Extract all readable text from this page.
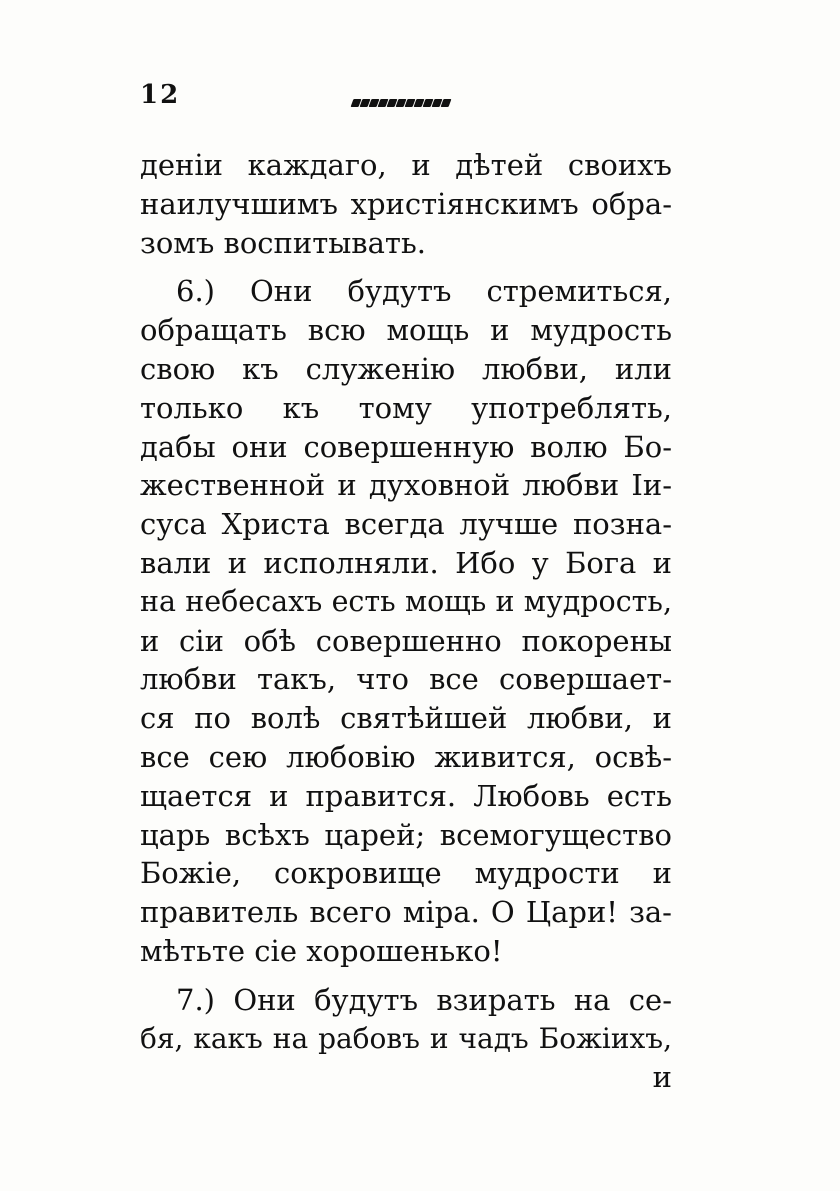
12
деніи каждаго, и дѣтей своихъ
наилучшимъ христіянскимъ обра-
зомъ воспитывать.
6.) Они будутъ стремиться,
обращать всю мощь и мудрость
свою къ служенію любви, или
только къ тому употреблять,
дабы они совершенную волю Бо-
жественной и духовной любви Іи-
суса Христа всегда лучше позна-
вали и исполняли. Ибо у Бога и
на небесахъ есть мощь и мудрость,
и сіи обѣ совершенно покорены
любви такъ, что все совершает-
ся по волѣ святѣйшей любви, и
все сею любовію живится, освѣ-
щается и правится. Любовь есть
царь всѣхъ царей; всемогущество
Божіе, сокровище мудрости и
правитель всего міра. О Цари! за-
мѣтьте сіе хорошенько!
7.) Они будутъ взирать на се-
бя, какъ на рабовъ и чадъ Божіихъ,
и
